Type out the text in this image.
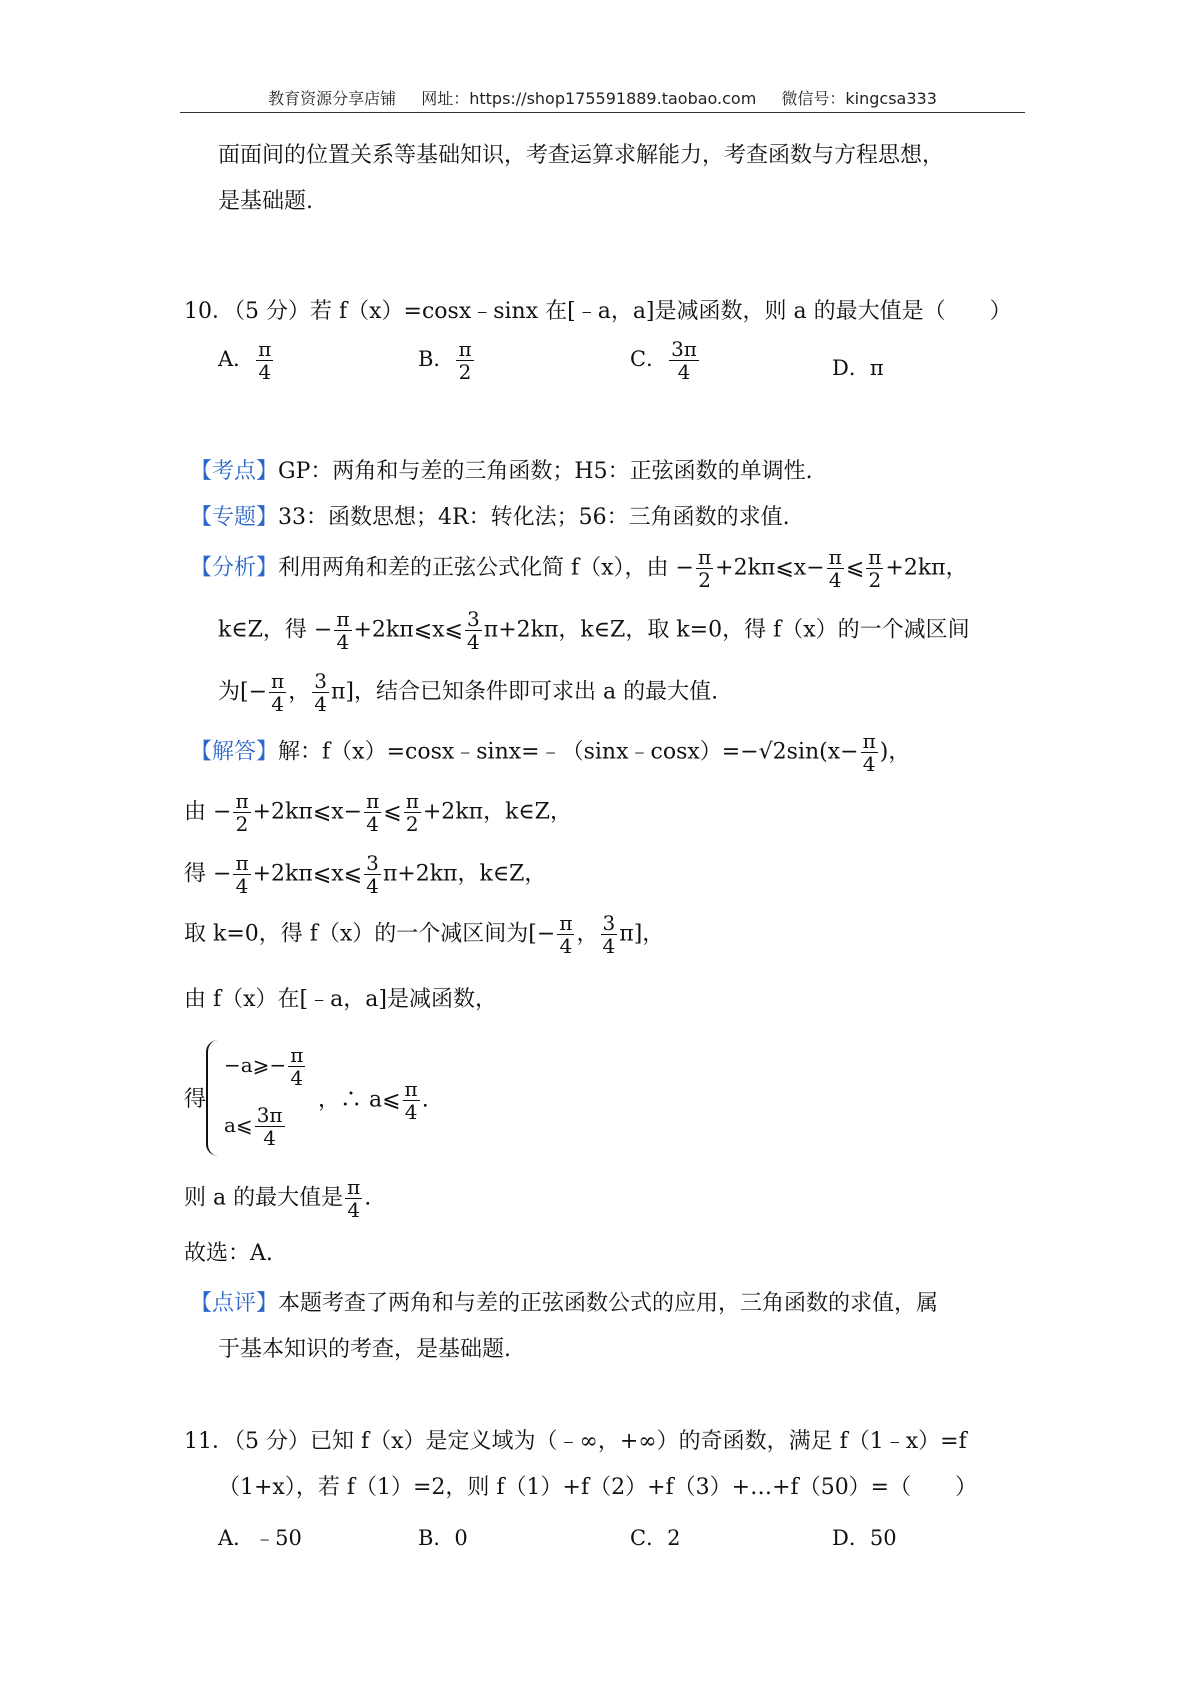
教育资源分享店铺 网址：https://shop175591889.taobao.com 微信号：kingcsa333
面面间的位置关系等基础知识，考查运算求解能力，考查函数与方程思想，
是基础题.
10．（5 分）若 f（x）=cosx﹣sinx 在[﹣a，a]是减函数，则 a 的最大值是（　　）
A． $\frac{\pi}{4}$	B． $\frac{\pi}{2}$	C． $\frac{3\pi}{4}$	D．π
【考点】GP：两角和与差的三角函数；H5：正弦函数的单调性.
【专题】33：函数思想；4R：转化法；56：三角函数的求值.
【分析】利用两角和差的正弦公式化简 f（x），由 − $\frac{\pi}{2}$ +2kπ⩽x− $\frac{\pi}{4}$ ⩽ $\frac{\pi}{2} +2k\pi$，
k∈Z，得 − $\frac{\pi}{4}$ +2kπ⩽x⩽ $\frac{3}{4} \pi+2k\pi$，k∈Z，取 k=0，得 f（x）的一个减区间
为[− $\frac{\pi}{4}$ ， $\frac{3}{4} \pi$]，结合已知条件即可求出 a 的最大值.
【解答】解：f（x）=cosx﹣sinx=﹣（sinx﹣cosx）=−√2sin(x− $\frac{\pi}{4}$ )，
由 − $\frac{\pi}{2}$ +2kπ⩽x− $\frac{\pi}{4}$ ⩽ $\frac{\pi}{2} +2k\pi$，k∈Z，
得 − $\frac{\pi}{4}$ +2kπ⩽x⩽ $\frac{3}{4} \pi+2k\pi$，k∈Z，
取 k=0，得 f（x）的一个减区间为[− $\frac{\pi}{4}$ ， $\frac{3}{4} \pi$]，
由 f（x）在[﹣a，a]是减函数，
得
−a⩾− $\frac{\pi}{4}$
a⩽ $\frac{3\pi}{4}$
，∴ a⩽ $\frac{\pi}{4}$ .
则 a 的最大值是 $\frac{\pi}{4}$ .
故选：A.
【点评】本题考查了两角和与差的正弦函数公式的应用，三角函数的求值，属
于基本知识的考查，是基础题.
11．（5 分）已知 f（x）是定义域为（﹣∞，+∞）的奇函数，满足 f（1﹣x）=f
（1+x），若 f（1）=2，则 f（1）+f（2）+f（3）+…+f（50）=（　　）
A．﹣50	B．0	C．2	D．50
